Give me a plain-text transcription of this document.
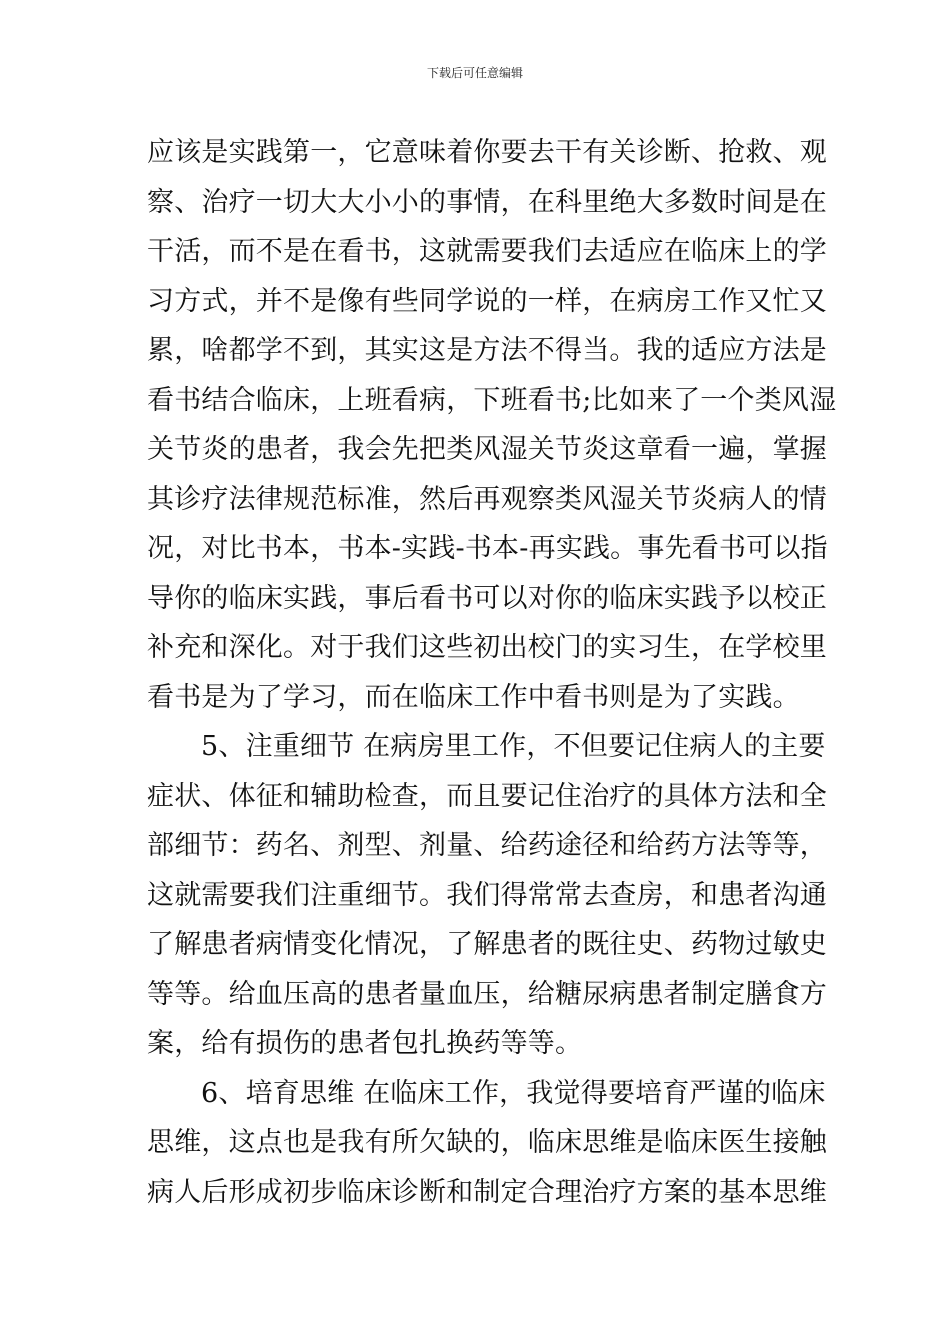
下载后可任意编辑
应该是实践第一，它意味着你要去干有关诊断、抢救、观
察、治疗一切大大小小的事情，在科里绝大多数时间是在
干活，而不是在看书，这就需要我们去适应在临床上的学
习方式，并不是像有些同学说的一样，在病房工作又忙又
累，啥都学不到，其实这是方法不得当。我的适应方法是
看书结合临床，上班看病，下班看书;比如来了一个类风湿
关节炎的患者，我会先把类风湿关节炎这章看一遍，掌握
其诊疗法律规范标准，然后再观察类风湿关节炎病人的情
况，对比书本，书本-实践-书本-再实践。事先看书可以指
导你的临床实践，事后看书可以对你的临床实践予以校正
补充和深化。对于我们这些初出校门的实习生，在学校里
看书是为了学习，而在临床工作中看书则是为了实践。
5、注重细节 在病房里工作，不但要记住病人的主要
症状、体征和辅助检查，而且要记住治疗的具体方法和全
部细节：药名、剂型、剂量、给药途径和给药方法等等，
这就需要我们注重细节。我们得常常去查房，和患者沟通
了解患者病情变化情况，了解患者的既往史、药物过敏史
等等。给血压高的患者量血压，给糖尿病患者制定膳食方
案，给有损伤的患者包扎换药等等。
6、培育思维 在临床工作，我觉得要培育严谨的临床
思维，这点也是我有所欠缺的，临床思维是临床医生接触
病人后形成初步临床诊断和制定合理治疗方案的基本思维
